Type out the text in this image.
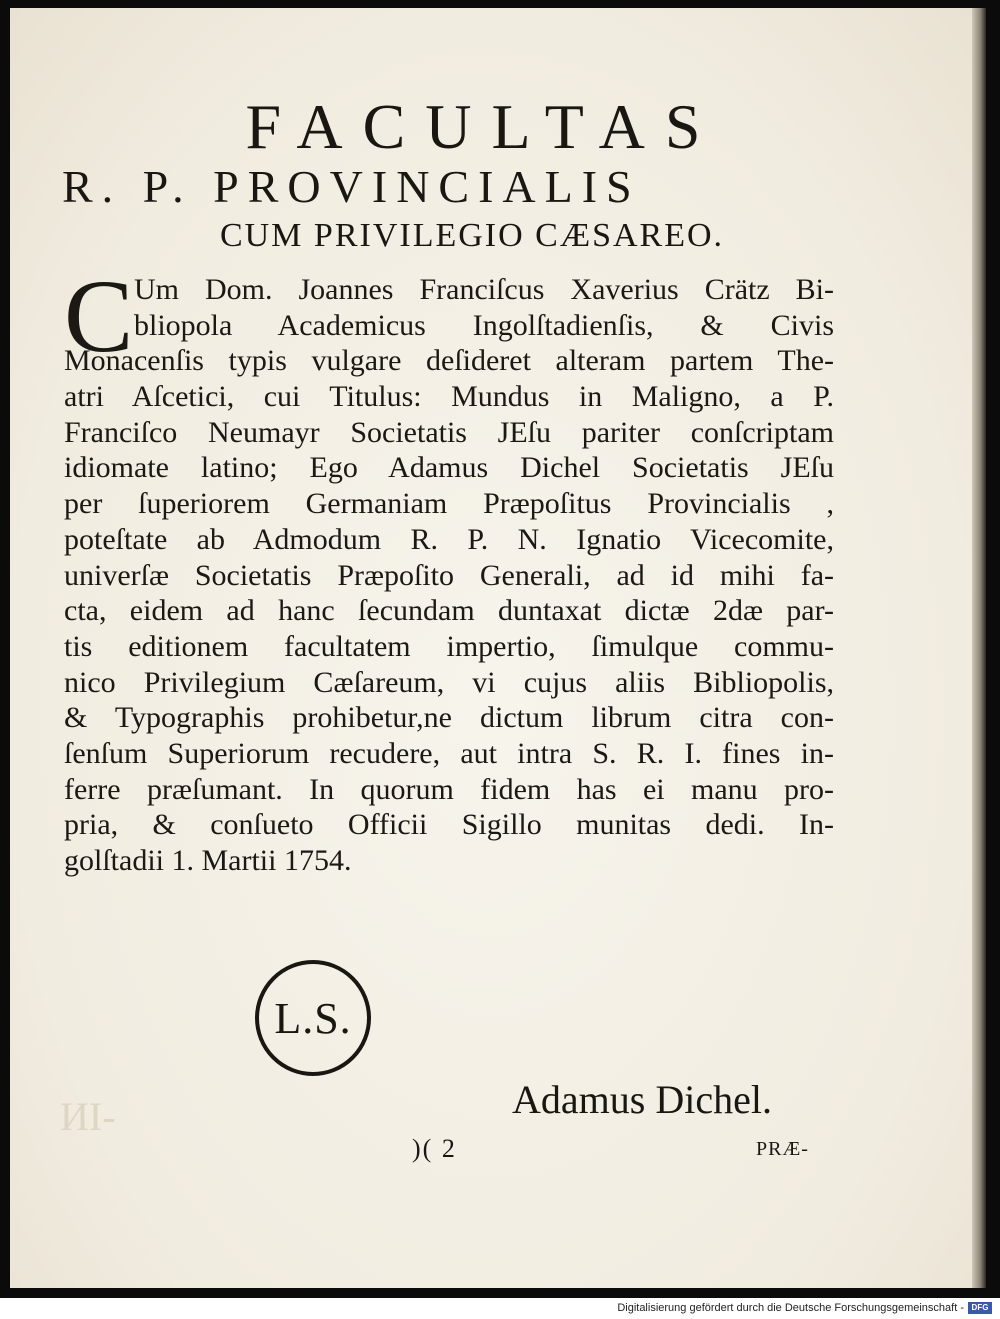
ИI-
FACULTAS
R. P. PROVINCIALIS
CUM PRIVILEGIO CÆSAREO.
C Um Dom. Joannes Franciſcus Xaverius Crätz Bi-
bliopola Academicus Ingolſtadienſis, & Civis
Monacenſis typis vulgare deſideret alteram partem The-
atri Aſcetici, cui Titulus: Mundus in Maligno, a P.
Franciſco Neumayr Societatis JEſu pariter conſcriptam
idiomate latino; Ego Adamus Dichel Societatis JEſu
per ſuperiorem Germaniam Præpoſitus Provincialis ,
poteſtate ab Admodum R. P. N. Ignatio Vicecomite,
univerſæ Societatis Præpoſito Generali, ad id mihi fa-
cta, eidem ad hanc ſecundam duntaxat dictæ 2dæ par-
tis editionem facultatem impertio, ſimulque commu-
nico Privilegium Cæſareum, vi cujus aliis Bibliopolis,
& Typographis prohibetur,ne dictum librum citra con-
ſenſum Superiorum recudere, aut intra S. R. I. fines in-
ferre præſumant. In quorum fidem has ei manu pro-
pria, & conſueto Officii Sigillo munitas dedi. In-
golſtadii 1. Martii 1754.
L.S.
Adamus Dichel.
)( 2	PRÆ-
Digitalisierung gefördert durch die Deutsche Forschungsgemeinschaft - DFG
